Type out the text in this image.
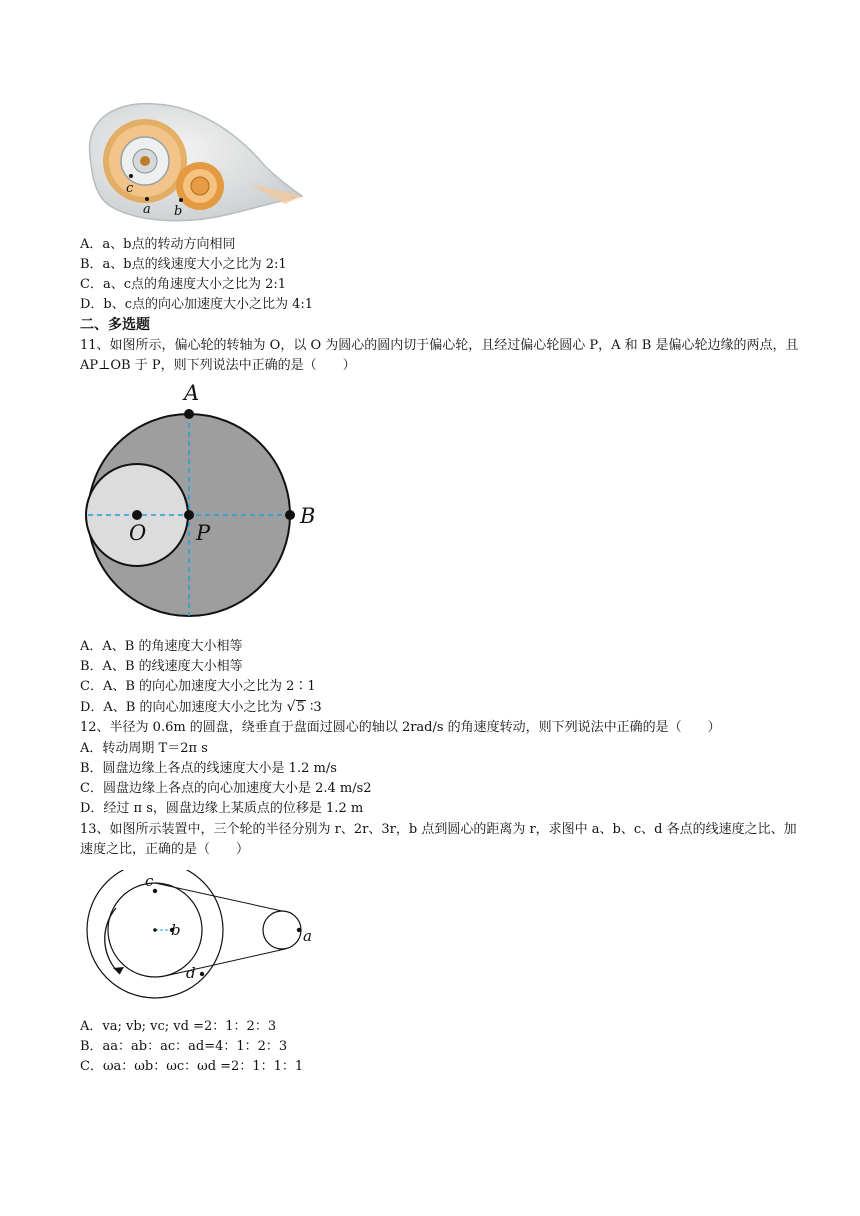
c
a b
A．a、b点的转动方向相同
B．a、b点的线速度大小之比为 2:1
C．a、c点的角速度大小之比为 2:1
D．b、c点的向心加速度大小之比为 4:1
二、多选题
11、如图所示，偏心轮的转轴为 O，以 O 为圆心的圆内切于偏心轮，且经过偏心轮圆心 P，A 和 B 是偏心轮边缘的两点，且 AP⊥OB 于 P，则下列说法中正确的是（　　）
A
B
O P
A．A、B 的角速度大小相等
B．A、B 的线速度大小相等
C．A、B 的向心加速度大小之比为 2∶1
D．A、B 的向心加速度大小之比为 √5 ∶3
12、半径为 0.6m 的圆盘，绕垂直于盘面过圆心的轴以 2rad/s 的角速度转动，则下列说法中正确的是（　　）
A．转动周期 T＝2π s
B．圆盘边缘上各点的线速度大小是 1.2 m/s
C．圆盘边缘上各点的向心加速度大小是 2.4 m/s2
D．经过 π s，圆盘边缘上某质点的位移是 1.2 m
13、如图所示装置中，三个轮的半径分别为 r、2r、3r，b 点到圆心的距离为 r，求图中 a、b、c、d 各点的线速度之比、加速度之比，正确的是（　　）
c
b	a
d
A．va; vb; vc; vd =2：1：2：3
B．aa：ab：ac：ad=4：1：2：3
C．ωa：ωb：ωc：ωd =2：1：1：1
